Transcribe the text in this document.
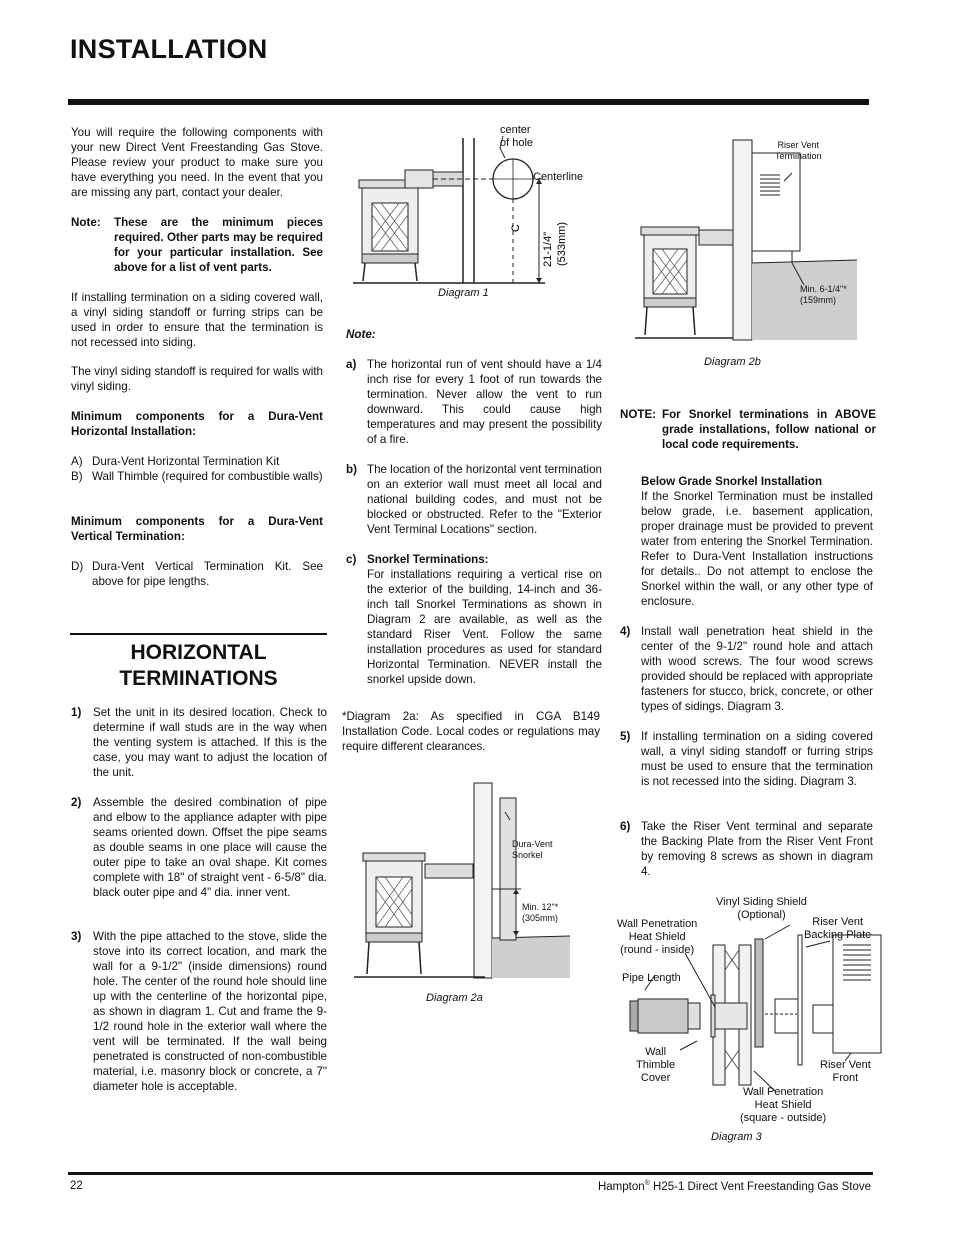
INSTALLATION
You will require the following components with your new Direct Vent Freestanding Gas Stove. Please review your product to make sure you have everything you need. In the event that you are missing any part, contact your dealer.
Note:	These are the minimum pieces required. Other parts may be required for your particular installation. See above for a list of vent parts.
If installing termination on a siding covered wall, a vinyl siding standoff or furring strips can be used in order to ensure that the termination is not recessed into siding.
The vinyl siding standoff is required for walls with vinyl siding.
Minimum components for a Dura-Vent Horizontal Installation:
A) Dura-Vent Horizontal Termination Kit
B) Wall Thimble (required for combustible walls)
Minimum components for a Dura-Vent Vertical Termination:
D) Dura-Vent Vertical Termination Kit. See above for pipe lengths.
HORIZONTAL
TERMINATIONS
1)	Set the unit in its desired location. Check to determine if wall studs are in the way when the venting system is attached. If this is the case, you may want to adjust the location of the unit.
2)	Assemble the desired combination of pipe and elbow to the appliance adapter with pipe seams oriented down. Offset the pipe seams as double seams in one place will cause the outer pipe to take an oval shape. Kit comes complete with 18" of straight vent - 6-5/8" dia. black outer pipe and 4" dia. inner vent.
3)	With the pipe attached to the stove, slide the stove into its correct location, and mark the wall for a 9-1/2" (inside dimensions) round hole. The center of the round hole should line up with the centerline of the horizontal pipe, as shown in diagram 1. Cut and frame the 9-1/2 round hole in the exterior wall where the vent will be terminated. If the wall being penetrated is constructed of non-combustible material, i.e. masonry block or concrete, a 7" diameter hole is acceptable.
21-1/4" (533mm)
C
center
of hole
Centerline
Diagram 1
Note:
a) The horizontal run of vent should have a 1/4 inch rise for every 1 foot of run towards the termination. Never allow the vent to run downward. This could cause high temperatures and may present the possibility of a fire.
b) The location of the horizontal vent termination on an exterior wall must meet all local and national building codes, and must not be blocked or obstructed. Refer to the "Exterior Vent Terminal Locations" section.
c) Snorkel Terminations:
For installations requiring a vertical rise on the exterior of the building, 14-inch and 36-inch tall Snorkel Terminations as shown in Diagram 2 are available, as well as the standard Riser Vent. Follow the same installation procedures as used for standard Horizontal Termination. NEVER install the snorkel upside down.
*Diagram 2a: As specified in CGA B149 Installation Code. Local codes or regulations may require different clearances.
Dura-Vent
Snorkel
Min. 12"*
(305mm)
Diagram 2a
Riser Vent
Termination
Min. 6-1/4"*
(159mm)
Diagram 2b
NOTE: For Snorkel terminations in ABOVE grade installations, follow national or local code requirements.
Below Grade Snorkel Installation
If the Snorkel Termination must be installed below grade, i.e. basement application, proper drainage must be provided to prevent water from entering the Snorkel Termination. Refer to Dura-Vent Installation instructions for details.. Do not attempt to enclose the Snorkel within the wall, or any other type of enclosure.
4) Install wall penetration heat shield in the center of the 9-1/2" round hole and attach with wood screws. The four wood screws provided should be replaced with appropriate fasteners for stucco, brick, concrete, or other types of sidings. Diagram 3.
5) If installing termination on a siding covered wall, a vinyl siding standoff or furring strips must be used to ensure that the termination is not recessed into the siding. Diagram 3.
6) Take the Riser Vent terminal and separate the Backing Plate from the Riser Vent Front by removing 8 screws as shown in diagram 4.
Vinyl Siding Shield
(Optional)
Wall Penetration
Heat Shield
(round - inside)
Riser Vent
Backing Plate
Pipe Length
Wall
Thimble
Cover
Riser Vent
Front
Wall Penetration
Heat Shield
(square - outside)
Diagram 3
22	Hampton® H25-1 Direct Vent Freestanding Gas Stove
